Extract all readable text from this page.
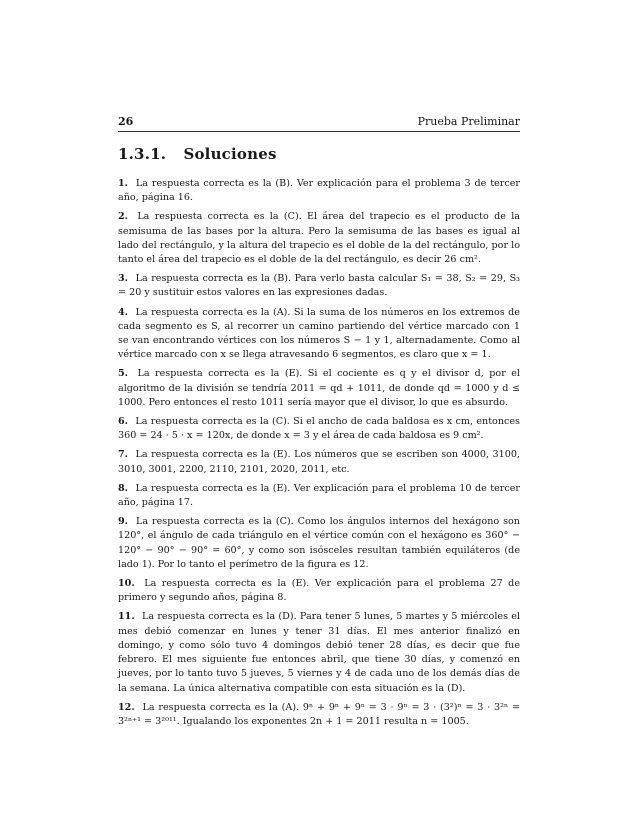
26	Prueba Preliminar
1.3.1. Soluciones

1. La respuesta correcta es la (B). Ver explicación para el problema 3 de tercer año, página 16.

2. La respuesta correcta es la (C). El área del trapecio es el producto de la semisuma de las bases por la altura. Pero la semisuma de las bases es igual al lado del rectángulo, y la altura del trapecio es el doble de la del rectángulo, por lo tanto el área del trapecio es el doble de la del rectángulo, es decir 26 cm².

3. La respuesta correcta es la (B). Para verlo basta calcular S₁ = 38, S₂ = 29, S₃ = 20 y sustituir estos valores en las expresiones dadas.

4. La respuesta correcta es la (A). Si la suma de los números en los extremos de cada segmento es S, al recorrer un camino partiendo del vértice marcado con 1 se van encontrando vértices con los números S − 1 y 1, alternadamente. Como al vértice marcado con x se llega atravesando 6 segmentos, es claro que x = 1.

5. La respuesta correcta es la (E). Si el cociente es q y el divisor d, por el algoritmo de la división se tendría 2011 = qd + 1011, de donde qd = 1000 y d ≤ 1000. Pero entonces el resto 1011 sería mayor que el divisor, lo que es absurdo.

6. La respuesta correcta es la (C). Si el ancho de cada baldosa es x cm, entonces 360 = 24 · 5 · x = 120x, de donde x = 3 y el área de cada baldosa es 9 cm².

7. La respuesta correcta es la (E). Los números que se escriben son 4000, 3100, 3010, 3001, 2200, 2110, 2101, 2020, 2011, etc.

8. La respuesta correcta es la (E). Ver explicación para el problema 10 de tercer año, página 17.

9. La respuesta correcta es la (C). Como los ángulos internos del hexágono son 120°, el ángulo de cada triángulo en el vértice común con el hexágono es 360° − 120° − 90° − 90° = 60°, y como son isósceles resultan también equiláteros (de lado 1). Por lo tanto el perímetro de la figura es 12.

10. La respuesta correcta es la (E). Ver explicación para el problema 27 de primero y segundo años, página 8.

11. La respuesta correcta es la (D). Para tener 5 lunes, 5 martes y 5 miércoles el mes debió comenzar en lunes y tener 31 días. El mes anterior finalizó en domingo, y como sólo tuvo 4 domingos debió tener 28 días, es decir que fue febrero. El mes siguiente fue entonces abril, que tiene 30 días, y comenzó en jueves, por lo tanto tuvo 5 jueves, 5 viernes y 4 de cada uno de los demás días de la semana. La única alternativa compatible con esta situación es la (D).

12. La respuesta correcta es la (A). 9ⁿ + 9ⁿ + 9ⁿ = 3 · 9ⁿ = 3 · (3²)ⁿ = 3 · 3²ⁿ = 3²ⁿ⁺¹ = 3²⁰¹¹. Igualando los exponentes 2n + 1 = 2011 resulta n = 1005.
